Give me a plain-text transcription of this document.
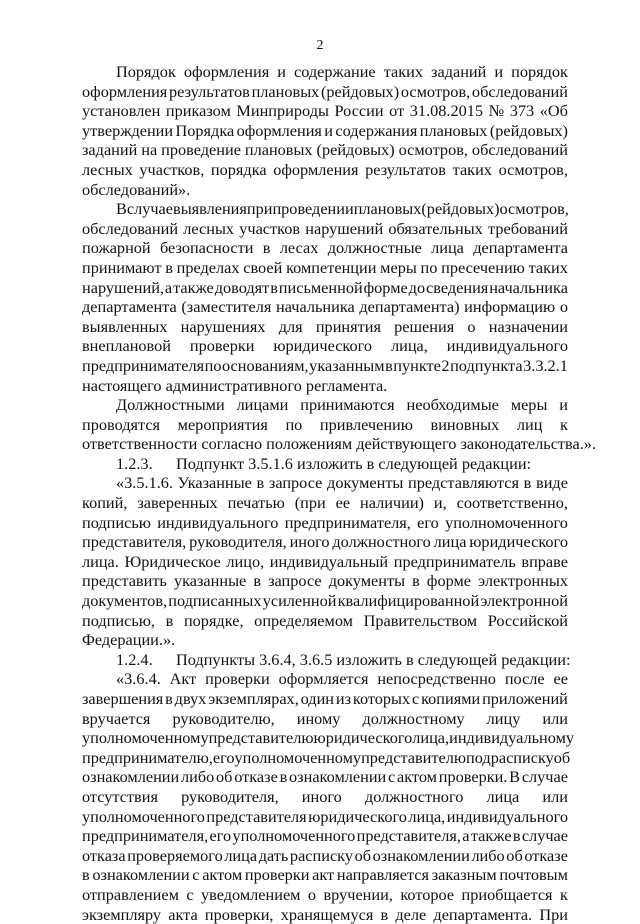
2
Порядок оформления и содержание таких заданий и порядок
оформления результатов плановых (рейдовых) осмотров, обследований
установлен приказом Минприроды России от 31.08.2015 № 373 «Об
утверждении Порядка оформления и содержания плановых (рейдовых)
заданий на проведение плановых (рейдовых) осмотров, обследований
лесных участков, порядка оформления результатов таких осмотров,
обследований».
В случае выявления при проведении плановых (рейдовых) осмотров,
обследований лесных участков нарушений обязательных требований
пожарной безопасности в лесах должностные лица департамента
принимают в пределах своей компетенции меры по пресечению таких
нарушений, а также доводят в письменной форме до сведения начальника
департамента (заместителя начальника департамента) информацию о
выявленных нарушениях для принятия решения о назначении
внеплановой проверки юридического лица, индивидуального
предпринимателя по основаниям, указанным в пункте 2 подпункта 3.3.2.1
настоящего административного регламента.
Должностными лицами принимаются необходимые меры и
проводятся мероприятия по привлечению виновных лиц к
ответственности согласно положениям действующего законодательства.».
1.2.3. Подпункт 3.5.1.6 изложить в следующей редакции:
«3.5.1.6. Указанные в запросе документы представляются в виде
копий, заверенных печатью (при ее наличии) и, соответственно,
подписью индивидуального предпринимателя, его уполномоченного
представителя, руководителя, иного должностного лица юридического
лица. Юридическое лицо, индивидуальный предприниматель вправе
представить указанные в запросе документы в форме электронных
документов, подписанных усиленной квалифицированной электронной
подписью, в порядке, определяемом Правительством Российской
Федерации.».
1.2.4. Подпункты 3.6.4, 3.6.5 изложить в следующей редакции:
«3.6.4. Акт проверки оформляется непосредственно после ее
завершения в двух экземплярах, один из которых с копиями приложений
вручается руководителю, иному должностному лицу или
уполномоченному представителю юридического лица, индивидуальному
предпринимателю, его уполномоченному представителю под расписку об
ознакомлении либо об отказе в ознакомлении с актом проверки. В случае
отсутствия руководителя, иного должностного лица или
уполномоченного представителя юридического лица, индивидуального
предпринимателя, его уполномоченного представителя, а также в случае
отказа проверяемого лица дать расписку об ознакомлении либо об отказе
в ознакомлении с актом проверки акт направляется заказным почтовым
отправлением с уведомлением о вручении, которое приобщается к
экземпляру акта проверки, хранящемуся в деле департамента. При
